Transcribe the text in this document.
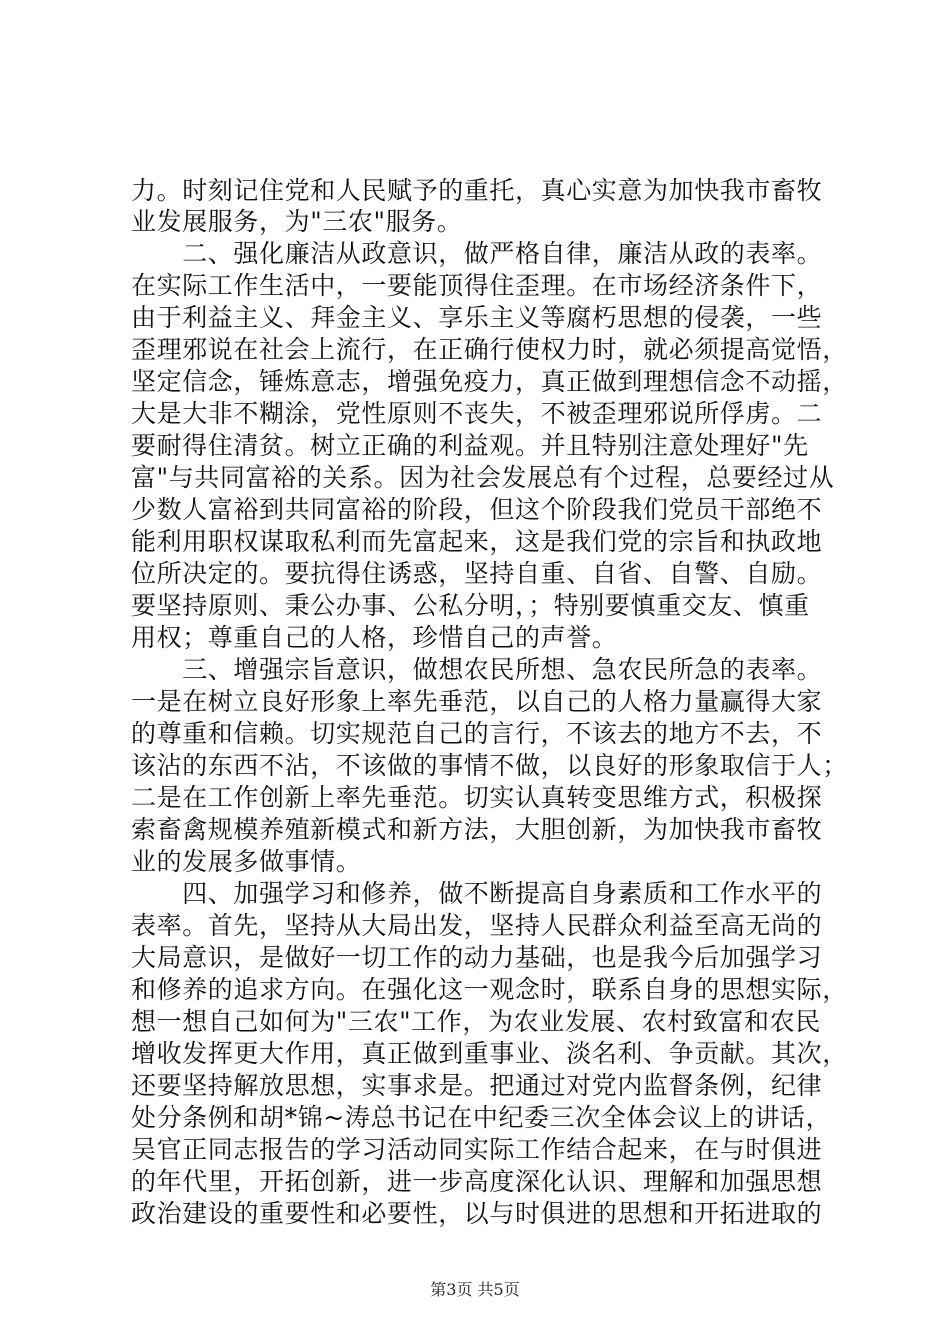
力。时刻记住党和人民赋予的重托，真心实意为加快我市畜牧
业发展服务，为"三农"服务。
　　二、强化廉洁从政意识，做严格自律，廉洁从政的表率。
在实际工作生活中，一要能顶得住歪理。在市场经济条件下，
由于利益主义、拜金主义、享乐主义等腐朽思想的侵袭，一些
歪理邪说在社会上流行，在正确行使权力时，就必须提高觉悟，
坚定信念，锤炼意志，增强免疫力，真正做到理想信念不动摇，
大是大非不糊涂，党性原则不丧失，不被歪理邪说所俘虏。二
要耐得住清贫。树立正确的利益观。并且特别注意处理好"先
富"与共同富裕的关系。因为社会发展总有个过程，总要经过从
少数人富裕到共同富裕的阶段，但这个阶段我们党员干部绝不
能利用职权谋取私利而先富起来，这是我们党的宗旨和执政地
位所决定的。要抗得住诱惑，坚持自重、自省、自警、自励。
要坚持原则、秉公办事、公私分明，；特别要慎重交友、慎重
用权；尊重自己的人格，珍惜自己的声誉。
　　三、增强宗旨意识，做想农民所想、急农民所急的表率。
一是在树立良好形象上率先垂范，以自己的人格力量赢得大家
的尊重和信赖。切实规范自己的言行，不该去的地方不去，不
该沾的东西不沾，不该做的事情不做，以良好的形象取信于人；
二是在工作创新上率先垂范。切实认真转变思维方式，积极探
索畜禽规模养殖新模式和新方法，大胆创新，为加快我市畜牧
业的发展多做事情。
　　四、加强学习和修养，做不断提高自身素质和工作水平的
表率。首先，坚持从大局出发，坚持人民群众利益至高无尚的
大局意识，是做好一切工作的动力基础，也是我今后加强学习
和修养的追求方向。在强化这一观念时，联系自身的思想实际，
想一想自己如何为"三农"工作，为农业发展、农村致富和农民
增收发挥更大作用，真正做到重事业、淡名利、争贡献。其次，
还要坚持解放思想，实事求是。把通过对党内监督条例，纪律
处分条例和胡*锦~涛总书记在中纪委三次全体会议上的讲话，
吴官正同志报告的学习活动同实际工作结合起来，在与时俱进
的年代里，开拓创新，进一步高度深化认识、理解和加强思想
政治建设的重要性和必要性，以与时俱进的思想和开拓进取的
第3页 共5页
